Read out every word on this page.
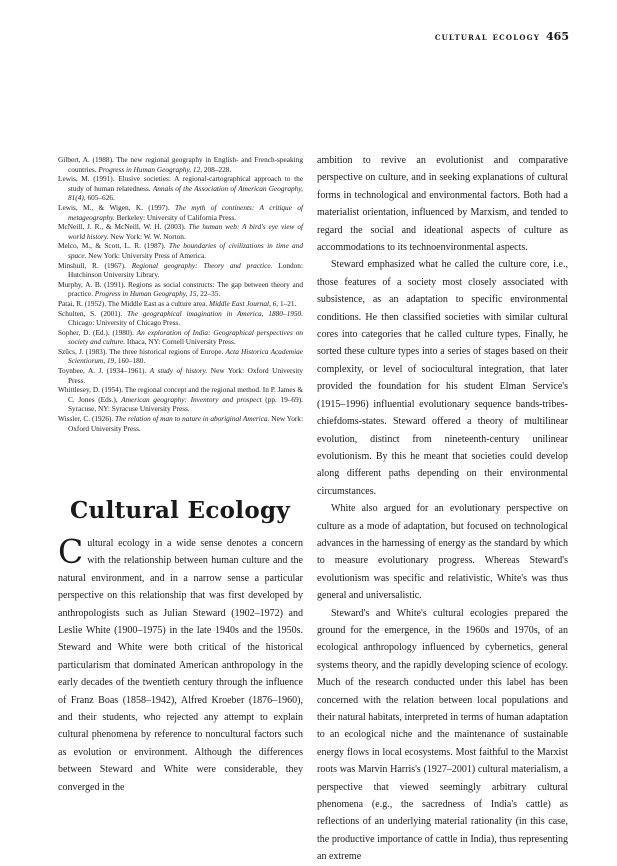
cultural ecology 465

Gilbert, A. (1988). The new regional geography in English- and French-speaking countries. Progress in Human Geography, 12, 208–228.

Lewis, M. (1991). Elusive societies: A regional-cartographical approach to the study of human relatedness. Annals of the Association of American Geography, 81(4), 605–626.

Lewis, M., & Wigen, K. (1997). The myth of continents: A critique of metageography. Berkeley: University of California Press.

McNeill, J. R., & McNeill, W. H. (2003). The human web: A bird's eye view of world history. New York: W. W. Norton.

Melco, M., & Scott, L. R. (1987). The boundaries of civilizations in time and space. New York: University Press of America.

Minshull, R. (1967). Regional geography: Theory and practice. London: Hutchinson University Library.

Murphy, A. B. (1991). Regions as social constructs: The gap between theory and practice. Progress in Human Geography, 15, 22–35.

Patai, R. (1952). The Middle East as a culture area. Middle East Journal, 6, 1–21.

Schulten, S. (2001). The geographical imagination in America, 1880–1950. Chicago: University of Chicago Press.

Sopher, D. (Ed.). (1980). An exploration of India: Geographical perspectives on society and culture. Ithaca, NY: Cornell University Press.

Szűcs, J. (1983). The three historical regions of Europe. Acta Historica Academiae Scientiorum, 19, 160–180.

Toynbee, A. J. (1934–1961). A study of history. New York: Oxford University Press.

Whittlesey, D. (1954). The regional concept and the regional method. In P. James & C. Jones (Eds.), American geography: Inventory and prospect (pp. 19–69). Syracuse, NY: Syracuse University Press.

Wissler, C. (1926). The relation of man to nature in aboriginal America. New York: Oxford University Press.

Cultural Ecology

Cultural ecology in a wide sense denotes a concern with the relationship between human culture and the natural environment, and in a narrow sense a particular perspective on this relationship that was first developed by anthropologists such as Julian Steward (1902–1972) and Leslie White (1900–1975) in the late 1940s and the 1950s. Steward and White were both critical of the historical particularism that dominated American anthropology in the early decades of the twentieth century through the influence of Franz Boas (1858–1942), Alfred Kroeber (1876–1960), and their students, who rejected any attempt to explain cultural phenomena by reference to noncultural factors such as evolution or environment. Although the differences between Steward and White were considerable, they converged in the

ambition to revive an evolutionist and comparative perspective on culture, and in seeking explanations of cultural forms in technological and environmental factors. Both had a materialist orientation, influenced by Marxism, and tended to regard the social and ideational aspects of culture as accommodations to its technoenvironmental aspects.

Steward emphasized what he called the culture core, i.e., those features of a society most closely associated with subsistence, as an adaptation to specific environmental conditions. He then classified societies with similar cultural cores into categories that he called culture types. Finally, he sorted these culture types into a series of stages based on their complexity, or level of sociocultural integration, that later provided the foundation for his student Elman Service's (1915–1996) influential evolutionary sequence bands-tribes-chiefdoms-states. Steward offered a theory of multilinear evolution, distinct from nineteenth-century unilinear evolutionism. By this he meant that societies could develop along different paths depending on their environmental circumstances.

White also argued for an evolutionary perspective on culture as a mode of adaptation, but focused on technological advances in the harnessing of energy as the standard by which to measure evolutionary progress. Whereas Steward's evolutionism was specific and relativistic, White's was thus general and universalistic.

Steward's and White's cultural ecologies prepared the ground for the emergence, in the 1960s and 1970s, of an ecological anthropology influenced by cybernetics, general systems theory, and the rapidly developing science of ecology. Much of the research conducted under this label has been concerned with the relation between local populations and their natural habitats, interpreted in terms of human adaptation to an ecological niche and the maintenance of sustainable energy flows in local ecosystems. Most faithful to the Marxist roots was Marvin Harris's (1927–2001) cultural materialism, a perspective that viewed seemingly arbitrary cultural phenomena (e.g., the sacredness of India's cattle) as reflections of an underlying material rationality (in this case, the productive importance of cattle in India), thus representing an extreme
